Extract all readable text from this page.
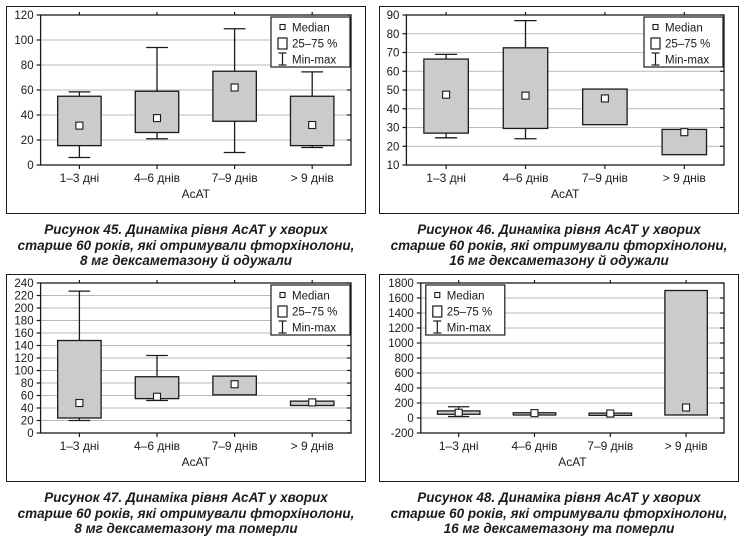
0
20
40
60
80
100
120
1–3 дні	4–6 днів	7–9 днів	> 9 днів
АсАТ
Median
25–75 %
Min-max
Рисунок 45. Динаміка рівня АсАТ у хворих
старше 60 років, які отримували фторхінолони,
8 мг дексаметазону й одужали
10
20
30
40
50
60
70
80
90
1–3 дні	4–6 днів	7–9 днів	> 9 днів
АсАТ
Median
25–75 %
Min-max
Рисунок 46. Динаміка рівня АсАТ у хворих
старше 60 років, які отримували фторхінолони,
16 мг дексаметазону й одужали
0
20
40
60
80
100
120
140
160
180
200
220
240
1–3 дні	4–6 днів	7–9 днів	> 9 днів
АсАТ
Median
25–75 %
Min-max
Рисунок 47. Динаміка рівня АсАТ у хворих
старше 60 років, які отримували фторхінолони,
8 мг дексаметазону та померли
-200
0
200
400
600
800
1000
1200
1400
1600
1800
1–3 дні	4–6 днів 7–9 днів	> 9 днів
АсАТ
Median
25–75 %
Min-max
Рисунок 48. Динаміка рівня АсАТ у хворих
старше 60 років, які отримували фторхінолони,
16 мг дексаметазону та померли
